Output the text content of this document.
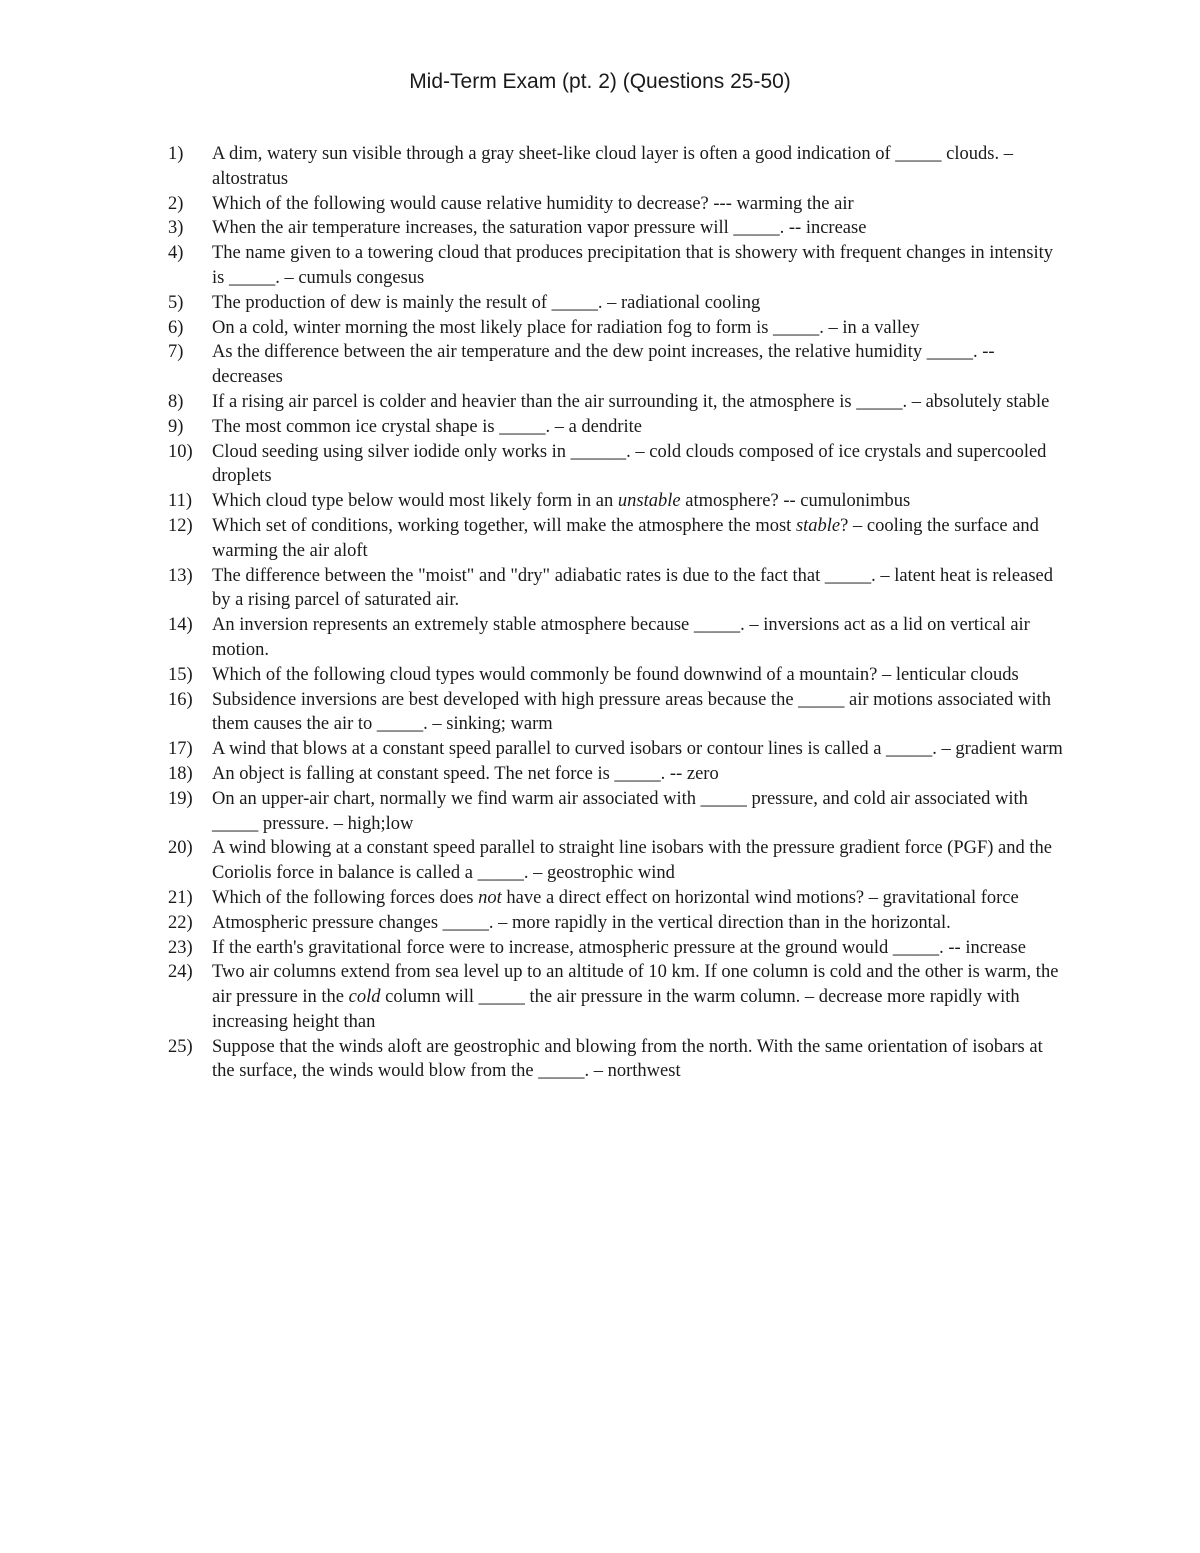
Mid-Term Exam (pt. 2) (Questions 25-50)
1) A dim, watery sun visible through a gray sheet-like cloud layer is often a good indication of _____ clouds. – altostratus
2) Which of the following would cause relative humidity to decrease? --- warming the air
3) When the air temperature increases, the saturation vapor pressure will _____. -- increase
4) The name given to a towering cloud that produces precipitation that is showery with frequent changes in intensity is _____. – cumuls congesus
5) The production of dew is mainly the result of _____. – radiational cooling
6) On a cold, winter morning the most likely place for radiation fog to form is _____. – in a valley
7) As the difference between the air temperature and the dew point increases, the relative humidity _____. -- decreases
8) If a rising air parcel is colder and heavier than the air surrounding it, the atmosphere is _____. – absolutely stable
9) The most common ice crystal shape is _____. – a dendrite
10) Cloud seeding using silver iodide only works in ______. – cold clouds composed of ice crystals and supercooled droplets
11) Which cloud type below would most likely form in an unstable atmosphere? -- cumulonimbus
12) Which set of conditions, working together, will make the atmosphere the most stable? – cooling the surface and warming the air aloft
13) The difference between the "moist" and "dry" adiabatic rates is due to the fact that _____. – latent heat is released by a rising parcel of saturated air.
14) An inversion represents an extremely stable atmosphere because _____. – inversions act as a lid on vertical air motion.
15) Which of the following cloud types would commonly be found downwind of a mountain? – lenticular clouds
16) Subsidence inversions are best developed with high pressure areas because the _____ air motions associated with them causes the air to _____. – sinking; warm
17) A wind that blows at a constant speed parallel to curved isobars or contour lines is called a _____. – gradient warm
18) An object is falling at constant speed. The net force is _____. -- zero
19) On an upper-air chart, normally we find warm air associated with _____ pressure, and cold air associated with _____ pressure. – high;low
20) A wind blowing at a constant speed parallel to straight line isobars with the pressure gradient force (PGF) and the Coriolis force in balance is called a _____. – geostrophic wind
21) Which of the following forces does not have a direct effect on horizontal wind motions? – gravitational force
22) Atmospheric pressure changes _____. – more rapidly in the vertical direction than in the horizontal.
23) If the earth's gravitational force were to increase, atmospheric pressure at the ground would _____. -- increase
24) Two air columns extend from sea level up to an altitude of 10 km. If one column is cold and the other is warm, the air pressure in the cold column will _____ the air pressure in the warm column. – decrease more rapidly with increasing height than
25) Suppose that the winds aloft are geostrophic and blowing from the north. With the same orientation of isobars at the surface, the winds would blow from the _____. – northwest
